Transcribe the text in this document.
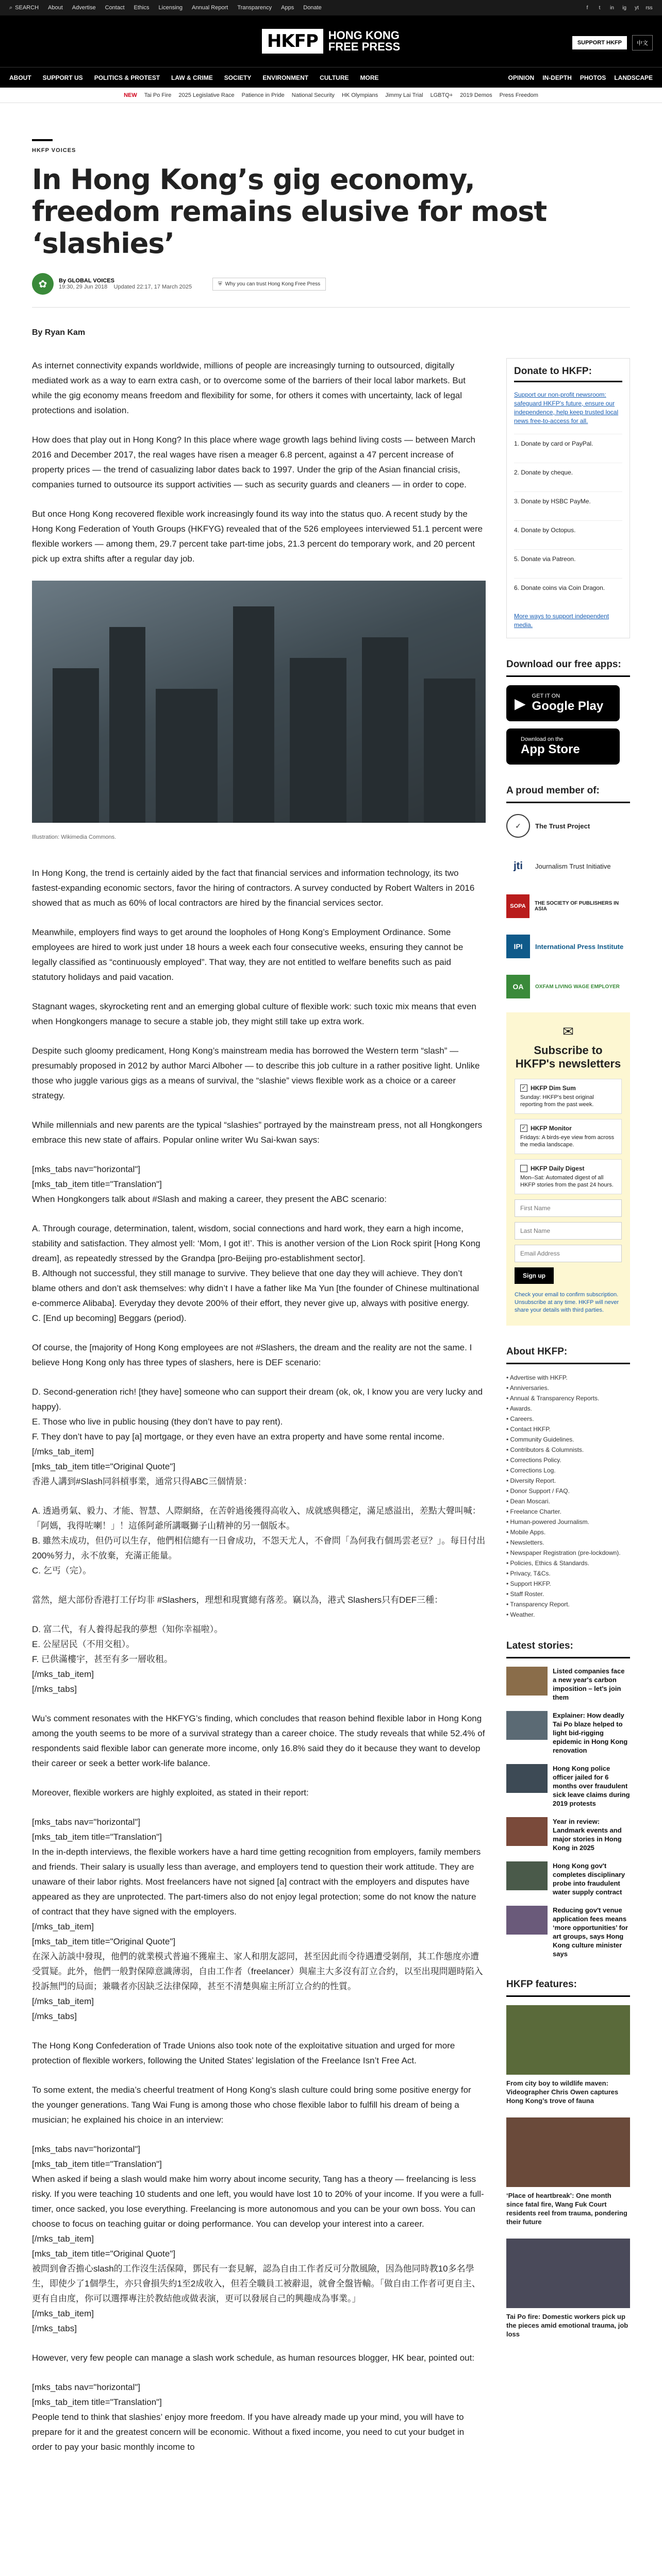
⌕ SEARCH About Advertise Contact Ethics Licensing Annual Report Transparency Apps Donate	f	t	in	ig	yt	rss
HKFP HONG KONG
FREE PRESS	SUPPORT HKFP	中文
ABOUT SUPPORT US POLITICS & PROTEST LAW & CRIME SOCIETY ENVIRONMENT CULTURE MORE	OPINION IN-DEPTH PHOTOS LANDSCAPE
NEW Tai Po Fire 2025 Legislative Race Patience in Pride National Security HK Olympians Jimmy Lai Trial LGBTQ+ 2019 Demos Press Freedom
HKFP VOICES
In Hong Kong’s gig economy, freedom remains elusive for most ‘slashies’
✿	By GLOBAL VOICES
19:30, 29 Jun 2018 Updated 22:17, 17 March 2025	⛨ Why you can trust Hong Kong Free Press
By Ryan Kam

As internet connectivity expands worldwide, millions of people are increasingly turning to outsourced, digitally mediated work as a way to earn extra cash, or to overcome some of the barriers of their local labor markets. But while the gig economy means freedom and flexibility for some, for others it comes with uncertainty, lack of legal protections and isolation.

How does that play out in Hong Kong? In this place where wage growth lags behind living costs — between March 2016 and December 2017, the real wages have risen a meager 6.8 percent, against a 47 percent increase of property prices — the trend of casualizing labor dates back to 1997. Under the grip of the Asian financial crisis, companies turned to outsource its support activities — such as security guards and cleaners — in order to cope.

But once Hong Kong recovered flexible work increasingly found its way into the status quo. A recent study by the Hong Kong Federation of Youth Groups (HKFYG) revealed that of the 526 employees interviewed 51.1 percent were flexible workers — among them, 29.7 percent take part-time jobs, 21.3 percent do temporary work, and 20 percent pick up extra shifts after a regular day job.

Illustration: Wikimedia Commons.

In Hong Kong, the trend is certainly aided by the fact that financial services and information technology, its two fastest-expanding economic sectors, favor the hiring of contractors. A survey conducted by Robert Walters in 2016 showed that as much as 60% of local contractors are hired by the financial services sector.

Meanwhile, employers find ways to get around the loopholes of Hong Kong’s Employment Ordinance. Some employees are hired to work just under 18 hours a week each four consecutive weeks, ensuring they cannot be legally classified as “continuously employed”. That way, they are not entitled to welfare benefits such as paid statutory holidays and paid vacation.

Stagnant wages, skyrocketing rent and an emerging global culture of flexible work: such toxic mix means that even when Hongkongers manage to secure a stable job, they might still take up extra work.

Despite such gloomy predicament, Hong Kong’s mainstream media has borrowed the Western term “slash” — presumably proposed in 2012 by author Marci Alboher — to describe this job culture in a rather positive light. Unlike those who juggle various gigs as a means of survival, the “slashie” views flexible work as a choice or a career strategy.

While millennials and new parents are the typical “slashies” portrayed by the mainstream press, not all Hongkongers embrace this new state of affairs. Popular online writer Wu Sai-kwan says:

[mks_tabs nav="horizontal"]
[mks_tab_item title="Translation"]
When Hongkongers talk about #Slash and making a career, they present the ABC scenario:

A. Through courage, determination, talent, wisdom, social connections and hard work, they earn a high income, stability and satisfaction. They almost yell: ‘Mom, I got it!’. This is another version of the Lion Rock spirit [Hong Kong dream], as repeatedly stressed by the Grandpa [pro-Beijing pro-establishment sector].
B. Although not successful, they still manage to survive. They believe that one day they will achieve. They don’t blame others and don’t ask themselves: why didn’t I have a father like Ma Yun [the founder of Chinese multinational e-commerce Alibaba]. Everyday they devote 200% of their effort, they never give up, always with positive energy.
C. [End up becoming] Beggars (period).

Of course, the [majority of Hong Kong employees are not #Slashers, the dream and the reality are not the same. I believe Hong Kong only has three types of slashers, here is DEF scenario:

D. Second-generation rich! [they have] someone who can support their dream (ok, ok, I know you are very lucky and happy).
E. Those who live in public housing (they don’t have to pay rent).
F. They don’t have to pay [a] mortgage, or they even have an extra property and have some rental income.
[/mks_tab_item]
[mks_tab_item title="Original Quote"]
香港人講到#Slash同斜槓事業，通常只得ABC三個情景：

A. 透過勇氣、毅力、才能、智慧、人際網絡，在苦幹過後獲得高收入、成就感與穩定，滿足感溢出，差點大聲叫喊：「阿媽，我得咗喇！」！這係阿爺所講嘅獅子山精神的另一個版本。
B. 雖然未成功，但仍可以生存，他們相信總有一日會成功，不怨天尤人，不會問「為何我冇個馬雲老豆？」。每日付出200%努力，永不放棄，充滿正能量。
C. 乞丐（完）。

當然，絕大部份香港打工仔均非 #Slashers，理想和現實總有落差。竊以為，港式 Slashers只有DEF三種：

D. 富二代，有人養得起我的夢想（知你幸福啦）。
E. 公屋居民（不用交租）。
F. 已供滿樓宇，甚至有多一層收租。
[/mks_tab_item]
[/mks_tabs]

Wu’s comment resonates with the HKFYG’s finding, which concludes that reason behind flexible labor in Hong Kong among the youth seems to be more of a survival strategy than a career choice. The study reveals that while 52.4% of respondents said flexible labor can generate more income, only 16.8% said they do it because they want to develop their career or seek a better work-life balance.

Moreover, flexible workers are highly exploited, as stated in their report:

[mks_tabs nav="horizontal"]
[mks_tab_item title="Translation"]
In the in-depth interviews, the flexible workers have a hard time getting recognition from employers, family members and friends. Their salary is usually less than average, and employers tend to question their work attitude. They are unaware of their labor rights. Most freelancers have not signed [a] contract with the employers and disputes have appeared as they are unprotected. The part-timers also do not enjoy legal protection; some do not know the nature of contract that they have signed with the employers.
[/mks_tab_item]
[mks_tab_item title="Original Quote"]
在深入訪談中發現，他們的就業模式普遍不獲雇主、家人和朋友認同，甚至因此而令待遇遭受剝削，其工作態度亦遭受質疑。此外，他們一般對保障意識薄弱，自由工作者（freelancer）與雇主大多沒有訂立合約，以至出現問題時陷入投訴無門的局面；兼職者亦因缺乏法律保障，甚至不清楚與雇主所訂立合約的性質。
[/mks_tab_item]
[/mks_tabs]

The Hong Kong Confederation of Trade Unions also took note of the exploitative situation and urged for more protection of flexible workers, following the United States’ legislation of the Freelance Isn’t Free Act.

To some extent, the media’s cheerful treatment of Hong Kong’s slash culture could bring some positive energy for the younger generations. Tang Wai Fung is among those who chose flexible labor to fulfill his dream of being a musician; he explained his choice in an interview:

[mks_tabs nav="horizontal"]
[mks_tab_item title="Translation"]
When asked if being a slash would make him worry about income security, Tang has a theory — freelancing is less risky. If you were teaching 10 students and one left, you would have lost 10 to 20% of your income. If you were a full-timer, once sacked, you lose everything. Freelancing is more autonomous and you can be your own boss. You can choose to focus on teaching guitar or doing performance. You can develop your interest into a career.
[/mks_tab_item]
[mks_tab_item title="Original Quote"]
被問到會否擔心slash的工作沒生活保障，鄧民有一套見解，認為自由工作者反可分散風險，因為他同時教10多名學生，即使少了1個學生，亦只會損失約1至2成收入，但若全職員工被辭退，就會全盤皆輸。「做自由工作者可更自主、更有自由度，你可以選擇專注於教結他或做表演，更可以發展自己的興趣成為事業。」
[/mks_tab_item]
[/mks_tabs]

However, very few people can manage a slash work schedule, as human resources blogger, HK bear, pointed out:

[mks_tabs nav="horizontal"]
[mks_tab_item title="Translation"]
People tend to think that slashies’ enjoy more freedom. If you have already made up your mind, you will have to prepare for it and the greatest concern will be economic. Without a fixed income, you need to cut your budget in order to pay your basic monthly income to

Donate to HKFP:
Support our non-profit newsroom: safeguard HKFP's future, ensure our independence, help keep trusted local news free-to-access for all.
1. Donate by card or PayPal.
2. Donate by cheque.
3. Donate by HSBC PayMe.
4. Donate by Octopus.
5. Donate via Patreon.
6. Donate coins via Coin Dragon.
More ways to support independent media.
Download our free apps:
▶ GET IT ON
Google Play
Download on the
App Store
A proud member of:
✓	The Trust Project
jti	Journalism Trust Initiative
SOPA	THE SOCIETY OF PUBLISHERS IN ASIA
IPI	International Press Institute
OA	OXFAM LIVING WAGE EMPLOYER
✉
Subscribe to HKFP's newsletters
✓ HKFP Dim Sum
Sunday: HKFP's best original reporting from the past week.
✓ HKFP Monitor
Fridays: A birds-eye view from across the media landscape.
HKFP Daily Digest
Mon–Sat: Automated digest of all HKFP stories from the past 24 hours.
First Name Last Name Email Address Sign up
Check your email to confirm subscription. Unsubscribe at any time. HKFP will never share your details with third parties.
About HKFP:
• Advertise with HKFP.
• Anniversaries.
• Annual & Transparency Reports.
• Awards.
• Careers.
• Contact HKFP.
• Community Guidelines.
• Contributors & Columnists.
• Corrections Policy.
• Corrections Log.
• Diversity Report.
• Donor Support / FAQ.
• Dean Moscari.
• Freelance Charter.
• Human-powered Journalism.
• Mobile Apps.
• Newsletters.
• Newspaper Registration (pre-lockdown).
• Policies, Ethics & Standards.
• Privacy, T&Cs.
• Support HKFP.
• Staff Roster.
• Transparency Report.
• Weather.
Latest stories:
Listed companies face a new year's carbon imposition – let's join them
Explainer: How deadly Tai Po blaze helped to light bid-rigging epidemic in Hong Kong renovation
Hong Kong police officer jailed for 6 months over fraudulent sick leave claims during 2019 protests
Year in review: Landmark events and major stories in Hong Kong in 2025
Hong Kong gov't completes disciplinary probe into fraudulent water supply contract
Reducing gov't venue application fees means ‘more opportunities’ for art groups, says Hong Kong culture minister says
HKFP features:
From city boy to wildlife maven: Videographer Chris Owen captures Hong Kong’s trove of fauna
‘Place of heartbreak’: One month since fatal fire, Wang Fuk Court residents reel from trauma, pondering their future
Tai Po fire: Domestic workers pick up the pieces amid emotional trauma, job loss
